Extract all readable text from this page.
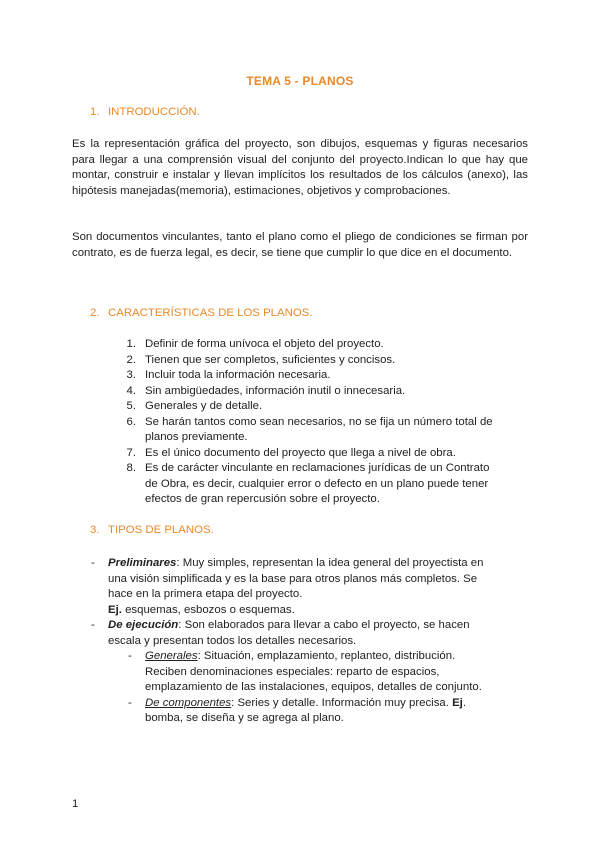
TEMA 5 - PLANOS
1. INTRODUCCIÓN.

Es la representación gráfica del proyecto, son dibujos, esquemas y figuras necesarios para llegar a una comprensión visual del conjunto del proyecto.Indican lo que hay que montar, construir e instalar y llevan implícitos los resultados de los cálculos (anexo), las hipótesis manejadas(memoria), estimaciones, objetivos y comprobaciones.

Son documentos vinculantes, tanto el plano como el pliego de condiciones se firman por contrato, es de fuerza legal, es decir, se tiene que cumplir lo que dice en el documento.

2. CARACTERÍSTICAS DE LOS PLANOS.
1. Definir de forma unívoca el objeto del proyecto.
2. Tienen que ser completos, suficientes y concisos.
3. Incluir toda la información necesaria.
4. Sin ambigüedades, información inutil o innecesaria.
5. Generales y de detalle.
6. Se harán tantos como sean necesarios, no se fija un número total de
planos previamente.
7. Es el único documento del proyecto que llega a nivel de obra.
8. Es de carácter vinculante en reclamaciones jurídicas de un Contrato
de Obra, es decir, cualquier error o defecto en un plano puede tener
efectos de gran repercusión sobre el proyecto.
3. TIPOS DE PLANOS.
- Preliminares: Muy simples, representan la idea general del proyectista en
una visión simplificada y es la base para otros planos más completos. Se
hace en la primera etapa del proyecto.
Ej. esquemas, esbozos o esquemas.
- De ejecución: Son elaborados para llevar a cabo el proyecto, se hacen
escala y presentan todos los detalles necesarios.
- Generales: Situación, emplazamiento, replanteo, distribución.
Reciben denominaciones especiales: reparto de espacios,
emplazamiento de las instalaciones, equipos, detalles de conjunto.
- De componentes: Series y detalle. Información muy precisa. Ej.
bomba, se diseña y se agrega al plano.
1
